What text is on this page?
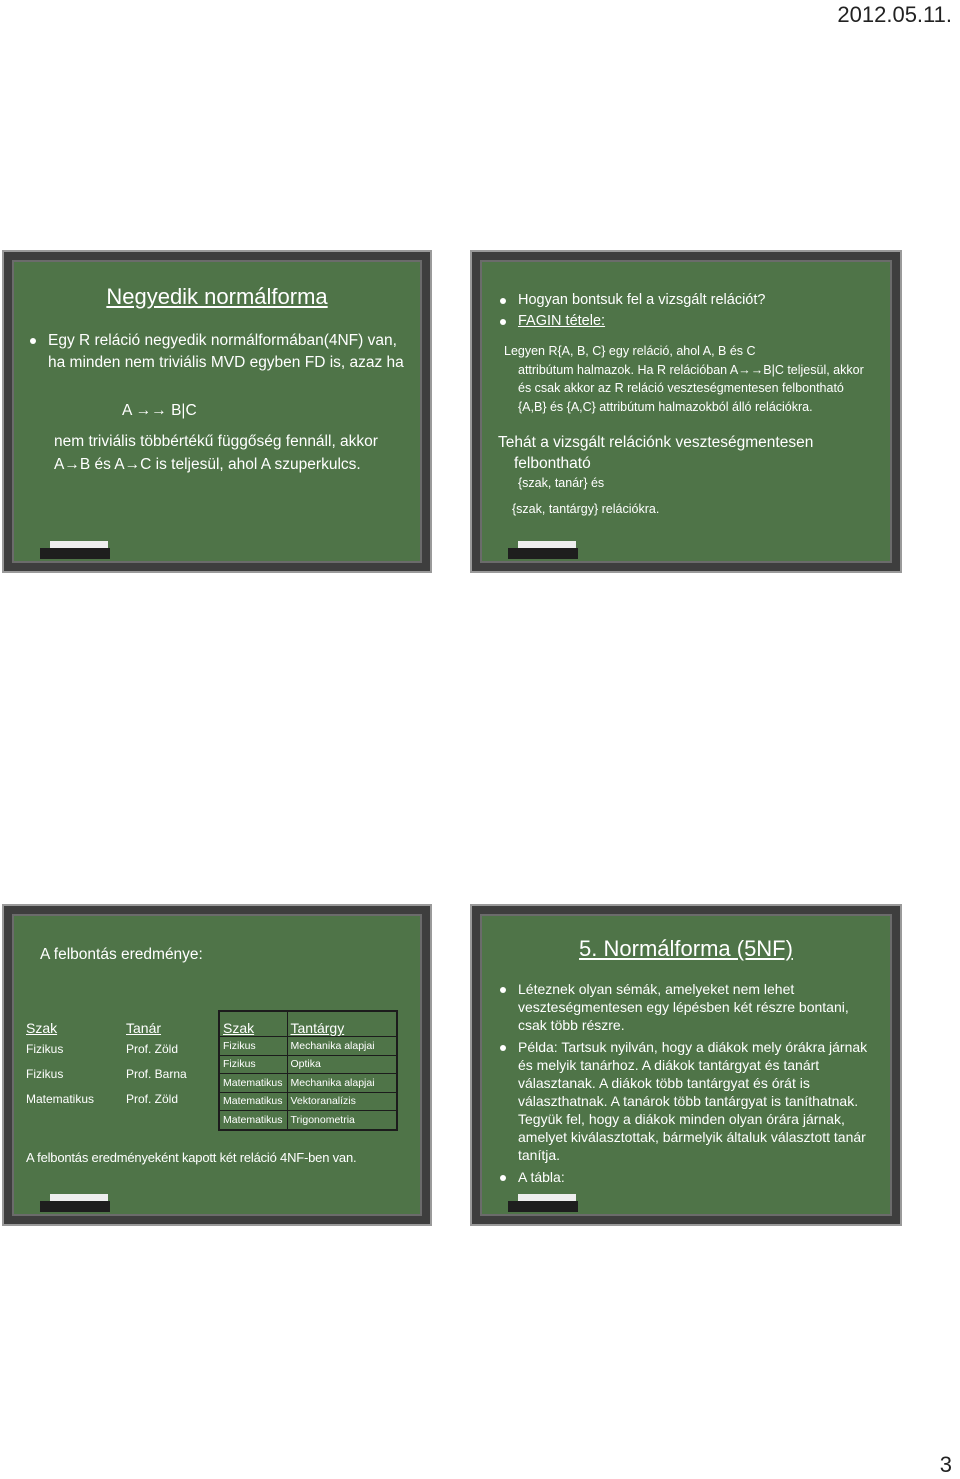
2012.05.11.
Negyedik normálforma
Egy R reláció negyedik normálformában(4NF) van, ha minden nem triviális MVD egyben FD is, azaz ha
A →→ B|C
nem triviális többértékű függőség fennáll, akkor A→B és A→C is teljesül, ahol A szuperkulcs.
Hogyan bontsuk fel a vizsgált relációt?
FAGIN tétele:
Legyen R{A, B, C} egy reláció, ahol A, B és C
attribútum halmazok. Ha R relációban A→→B|C teljesül, akkor és csak akkor az R reláció veszteségmentesen felbontható {A,B} és {A,C} attribútum halmazokból álló relációkra.
Tehát a vizsgált relációnk veszteségmentesen
felbontható
{szak, tanár} és
{szak, tantárgy} relációkra.
A felbontás eredménye:
Szak	Tanár
Fizikus	Prof. Zöld
Fizikus	Prof. Barna
Matematikus	Prof. Zöld
Szak	Tantárgy
Fizikus	Mechanika alapjai
Fizikus	Optika
Matematikus	Mechanika alapjai
Matematikus	Vektoranalízis
Matematikus	Trigonometria
A felbontás eredményeként kapott két reláció 4NF-ben van.
5. Normálforma (5NF)
Léteznek olyan sémák, amelyeket nem lehet veszteségmentesen egy lépésben két részre bontani, csak több részre.
Példa: Tartsuk nyilván, hogy a diákok mely órákra járnak és melyik tanárhoz. A diákok tantárgyat és tanárt választanak. A diákok több tantárgyat és órát is választhatnak. A tanárok több tantárgyat is taníthatnak. Tegyük fel, hogy a diákok minden olyan órára járnak, amelyet kiválasztottak, bármelyik általuk választott tanár tanítja.
A tábla:
3
